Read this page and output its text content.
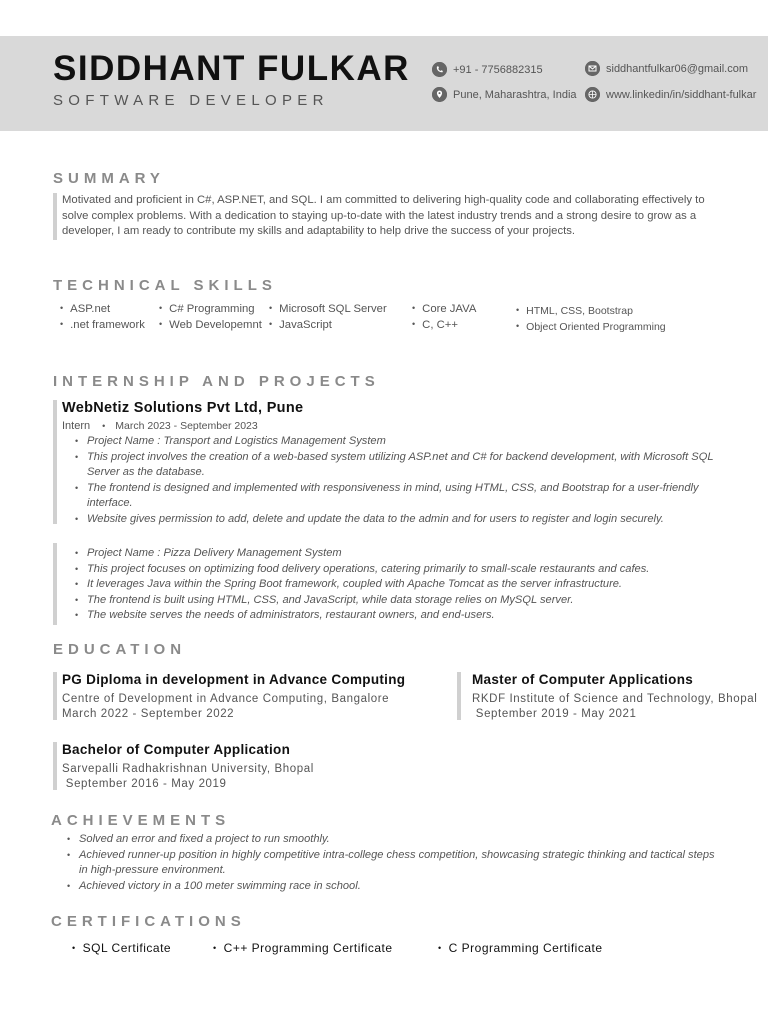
SIDDHANT FULKAR
SOFTWARE DEVELOPER
+91 - 7756882315	siddhantfulkar06@gmail.com
Pune, Maharashtra, India	www.linkedin/in/siddhant-fulkar
SUMMARY
Motivated and proficient in C#, ASP.NET, and SQL. I am committed to delivering high-quality code and collaborating effectively to solve complex problems. With a dedication to staying up-to-date with the latest industry trends and a strong desire to grow as a developer, I am ready to contribute my skills and adaptability to help drive the success of your projects.
TECHNICAL SKILLS
• ASP.net
• .net framework
• C# Programming
• Web Developemnt
• Microsoft SQL Server
• JavaScript
• Core JAVA
• C, C++
• HTML, CSS, Bootstrap
• Object Oriented Programming
INTERNSHIP AND PROJECTS
WebNetiz Solutions Pvt Ltd, Pune
Intern • March 2023 - September 2023
• Project Name : Transport and Logistics Management System
• This project involves the creation of a web-based system utilizing ASP.net and C# for backend development, with Microsoft SQL Server as the database.
• The frontend is designed and implemented with responsiveness in mind, using HTML, CSS, and Bootstrap for a user-friendly interface.
• Website gives permission to add, delete and update the data to the admin and for users to register and login securely.
• Project Name : Pizza Delivery Management System
• This project focuses on optimizing food delivery operations, catering primarily to small-scale restaurants and cafes.
• It leverages Java within the Spring Boot framework, coupled with Apache Tomcat as the server infrastructure.
• The frontend is built using HTML, CSS, and JavaScript, while data storage relies on MySQL server.
• The website serves the needs of administrators, restaurant owners, and end-users.
EDUCATION
PG Diploma in development in Advance Computing
Centre of Development in Advance Computing, Bangalore
March 2022 - September 2022
Master of Computer Applications
RKDF Institute of Science and Technology, Bhopal
September 2019 - May 2021
Bachelor of Computer Application
Sarvepalli Radhakrishnan University, Bhopal
September 2016 - May 2019
ACHIEVEMENTS
• Solved an error and fixed a project to run smoothly.
• Achieved runner-up position in highly competitive intra-college chess competition, showcasing strategic thinking and tactical steps in high-pressure environment.
• Achieved victory in a 100 meter swimming race in school.
CERTIFICATIONS
• SQL Certificate	• C++ Programming Certificate	• C Programming Certificate
